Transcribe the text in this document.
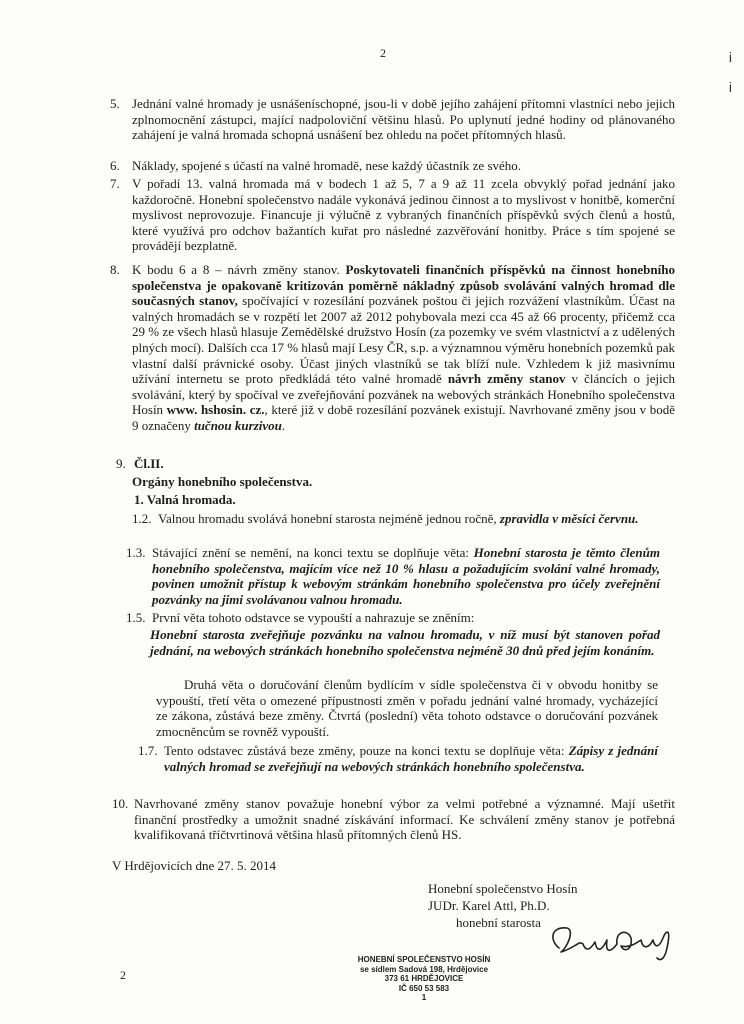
2	i
i
5. Jednání valné hromady je usnášeníschopné, jsou-li v době jejího zahájení přítomni vlastníci nebo jejich zplnomocnění zástupci, mající nadpoloviční většinu hlasů. Po uplynutí jedné hodiny od plánovaného zahájení je valná hromada schopná usnášení bez ohledu na počet přítomných hlasů.
6. Náklady, spojené s účastí na valné hromadě, nese každý účastník ze svého.
7. V pořadí 13. valná hromada má v bodech 1 až 5, 7 a 9 až 11 zcela obvyklý pořad jednání jako každoročně. Honební společenstvo nadále vykonává jedinou činnost a to myslivost v honitbě, komerční myslivost neprovozuje. Financuje ji výlučně z vybraných finančních příspěvků svých členů a hostů, které využívá pro odchov bažantích kuřat pro následné zazvěřování honitby. Práce s tím spojené se provádějí bezplatně.
8. K bodu 6 a 8 – návrh změny stanov. Poskytovateli finančních příspěvků na činnost honebního společenstva je opakovaně kritizován poměrně nákladný způsob svolávání valných hromad dle současných stanov, spočívající v rozesílání pozvánek poštou či jejich rozvážení vlastníkům. Účast na valných hromadách se v rozpětí let 2007 až 2012 pohybovala mezi cca 45 až 66 procenty, přičemž cca 29 % ze všech hlasů hlasuje Zemědělské družstvo Hosín (za pozemky ve svém vlastnictví a z udělených plných mocí). Dalších cca 17 % hlasů mají Lesy ČR, s.p. a významnou výměru honebních pozemků pak vlastní další právnické osoby. Účast jiných vlastníků se tak blíží nule. Vzhledem k již masivnímu užívání internetu se proto předkládá této valné hromadě návrh změny stanov v článcích o jejich svolávání, který by spočíval ve zveřejňování pozvánek na webových stránkách Honebního společenstva Hosín www. hshosin. cz., které již v době rozesílání pozvánek existují. Navrhované změny jsou v bodě 9 označeny tučnou kurzivou.
9. Čl.II.
Orgány honebního společenstva.
1. Valná hromada.
1.2. Valnou hromadu svolává honební starosta nejméně jednou ročně, zpravidla v měsíci červnu.
1.3. Stávající znění se nemění, na konci textu se doplňuje věta: Honební starosta je těmto členům honebního společenstva, majícím více než 10 % hlasu a požadujícím svolání valné hromady, povinen umožnit přístup k webovým stránkám honebního společenstva pro účely zveřejnění pozvánky na jimi svolávanou valnou hromadu.
1.5. První věta tohoto odstavce se vypouští a nahrazuje se zněním:
Honební starosta zveřejňuje pozvánku na valnou hromadu, v níž musí být stanoven pořad jednání, na webových stránkách honebního společenstva nejméně 30 dnů před jejím konáním.
Druhá věta o doručování členům bydlícím v sídle společenstva či v obvodu honitby se vypouští, třetí věta o omezené přípustnosti změn v pořadu jednání valné hromady, vycházející ze zákona, zůstává beze změny. Čtvrtá (poslední) věta tohoto odstavce o doručování pozvánek zmocněncům se rovněž vypouští.
1.7. Tento odstavec zůstává beze změny, pouze na konci textu se doplňuje věta: Zápisy z jednání valných hromad se zveřejňují na webových stránkách honebního společenstva.
10. Navrhované změny stanov považuje honební výbor za velmi potřebné a významné. Mají ušetřit finanční prostředky a umožnit snadné získávání informací. Ke schválení změny stanov je potřebná kvalifikovaná tříčtvrtinová většina hlasů přítomných členů HS.
V Hrdějovicích dne 27. 5. 2014
Honební společenstvo Hosín
JUDr. Karel Attl, Ph.D.
honební starosta
HONEBNÍ SPOLEČENSTVO HOSÍN
se sídlem Sadová 198, Hrdějovice
373 61 HRDĚJOVICE
IČ 650 53 583
1
2
